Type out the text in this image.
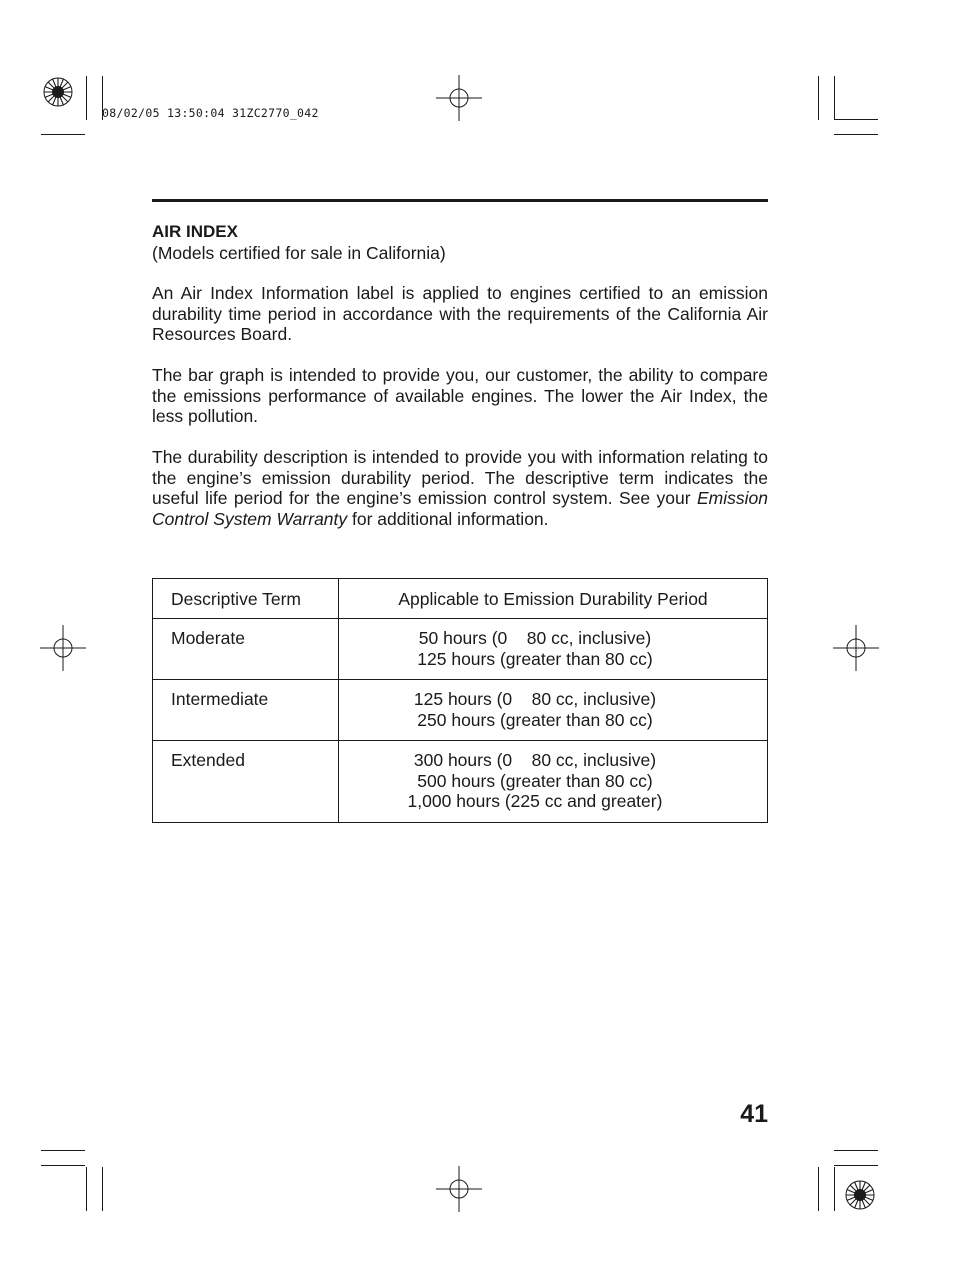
08/02/05 13:50:04 31ZC2770_042

AIR INDEX

(Models certified for sale in California)

An Air Index Information label is applied to engines certified to an emission durability time period in accordance with the requirements of the California Air Resources Board.

The bar graph is intended to provide you, our customer, the ability to compare the emissions performance of available engines. The lower the Air Index, the less pollution.

The durability description is intended to provide you with information relating to the engine’s emission durability period. The descriptive term indicates the useful life period for the engine’s emission control system. See your Emission Control System Warranty for additional information.

Descriptive Term	Applicable to Emission Durability Period
Moderate	50 hours (0    80 cc, inclusive)
125 hours (greater than 80 cc)

Intermediate	125 hours (0    80 cc, inclusive)
250 hours (greater than 80 cc)

Extended	300 hours (0    80 cc, inclusive)
500 hours (greater than 80 cc)
1,000 hours (225 cc and greater)
41
